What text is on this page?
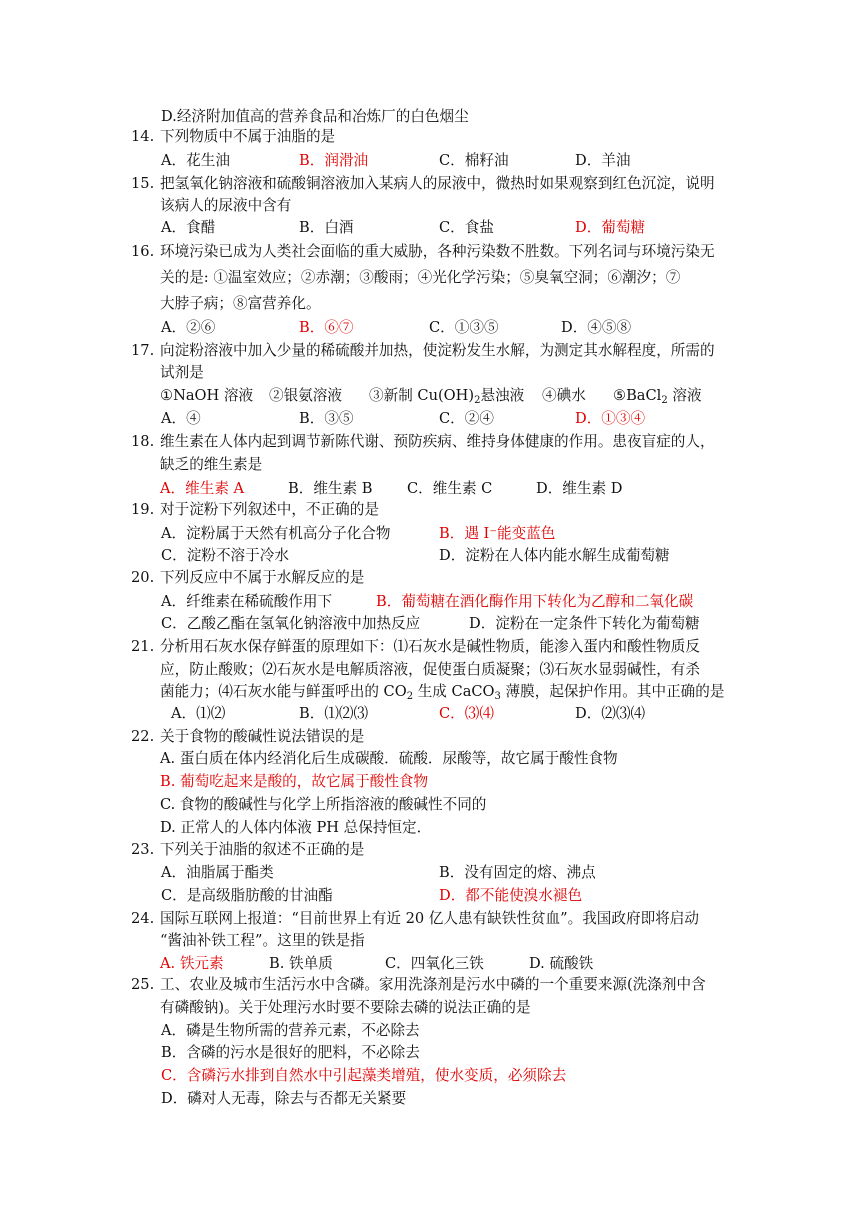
D.经济附加值高的营养食品和冶炼厂的白色烟尘
14. 下列物质中不属于油脂的是
A．花生油	B．润滑油	C．棉籽油	D．羊油
15. 把氢氧化钠溶液和硫酸铜溶液加入某病人的尿液中，微热时如果观察到红色沉淀，说明
该病人的尿液中含有
A．食醋	B．白酒	C．食盐	D．葡萄糖
16. 环境污染已成为人类社会面临的重大威胁，各种污染数不胜数。下列名词与环境污染无
关的是: ①温室效应；②赤潮；③酸雨；④光化学污染；⑤臭氧空洞；⑥潮汐；⑦
大脖子病；⑧富营养化。
A．②⑥	B．⑥⑦	C．①③⑤	D．④⑤⑧
17. 向淀粉溶液中加入少量的稀硫酸并加热，使淀粉发生水解，为测定其水解程度，所需的
试剂是
①NaOH 溶液 ②银氨溶液 ③新制 $Cu(OH)_2$悬浊液 ④碘水 ⑤BaCl$_2$ 溶液
A．④	B．③⑤	C．②④	D．①③④
18. 维生素在人体内起到调节新陈代谢、预防疾病、维持身体健康的作用。患夜盲症的人，
缺乏的维生素是
A．维生素 A	B．维生素 B C．维生素 C	D．维生素 D
19. 对于淀粉下列叙述中，不正确的是
A．淀粉属于天然有机高分子化合物	B．遇 I⁻能变蓝色
C．淀粉不溶于冷水	D．淀粉在人体内能水解生成葡萄糖
20. 下列反应中不属于水解反应的是
A．纤维素在稀硫酸作用下	B．葡萄糖在酒化酶作用下转化为乙醇和二氧化碳
C．乙酸乙酯在氢氧化钠溶液中加热反应	D．淀粉在一定条件下转化为葡萄糖
21. 分析用石灰水保存鲜蛋的原理如下：⑴石灰水是碱性物质，能渗入蛋内和酸性物质反
应，防止酸败；⑵石灰水是电解质溶液，促使蛋白质凝聚；⑶石灰水显弱碱性，有杀
菌能力；⑷石灰水能与鲜蛋呼出的 $CO_2$ 生成 CaCO$_3$ 薄膜，起保护作用。其中正确的是
A．⑴⑵	B．⑴⑵⑶	C．⑶⑷	D．⑵⑶⑷
22. 关于食物的酸碱性说法错误的是
A. 蛋白质在体内经消化后生成碳酸．硫酸．尿酸等，故它属于酸性食物
B. 葡萄吃起来是酸的，故它属于酸性食物
C. 食物的酸碱性与化学上所指溶液的酸碱性不同的
D. 正常人的人体内体液 PH 总保持恒定．
23. 下列关于油脂的叙述不正确的是
A．油脂属于酯类	B．没有固定的熔、沸点
C．是高级脂肪酸的甘油酯	D．都不能使溴水褪色
24. 国际互联网上报道：“目前世界上有近 20 亿人患有缺铁性贫血”。我国政府即将启动
“酱油补铁工程”。这里的铁是指
A. 铁元素	B. 铁单质	C．四氧化三铁	D. 硫酸铁
25. 工、农业及城市生活污水中含磷。家用洗涤剂是污水中磷的一个重要来源(洗涤剂中含
有磷酸钠)。关于处理污水时要不要除去磷的说法正确的是
A．磷是生物所需的营养元素，不必除去
B．含磷的污水是很好的肥料，不必除去
C．含磷污水排到自然水中引起藻类增殖，使水变质，必须除去
D．磷对人无毒，除去与否都无关紧要
